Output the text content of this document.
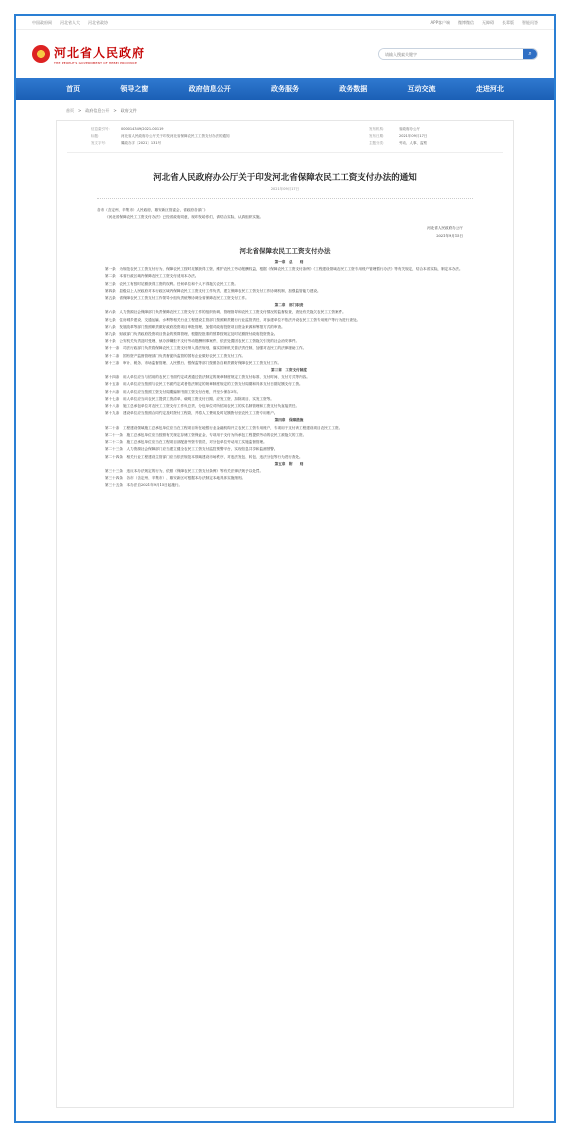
中国政府网 河北省人大 河北省政协	APP客户端 微博微信 无障碍 长辈版 智能问答
河北省人民政府
THE PEOPLE'S GOVERNMENT OF HEBEI PROVINCE
请输入搜索关键字
⌕
首页	领导之窗	政府信息公开	政务服务	政务数据	互动交流	走进河北
首页 > 政府信息公开 > 政府文件
信息索引号：	000014349/2021-00119	发布机构：	省政府办公厅
标题：	河北省人民政府办公厅关于印发河北省保障农民工工资支付办法的通知	发布日期：	2021年09月17日
发文字号：	冀政办字〔2021〕131号	主题分类：	劳动、人事、监察
河北省人民政府办公厅关于印发河北省保障农民工工资支付办法的通知
2021年09月17日

各市（含定州、辛集市）人民政府，雄安新区管委会，省政府各部门：

《河北省保障农民工工资支付办法》已经省政府同意，现印发给你们，请结合实际，认真组织实施。

河北省人民政府办公厅

2021年9月15日

河北省保障农民工工资支付办法

第一章　总　　则

第一条　为规范农民工工资支付行为，保障农民工按时足额获得工资，维护农民工劳动报酬权益，根据《保障农民工工资支付条例》《工程建设领域农民工工资专用账户管理暂行办法》等有关规定，结合本省实际，制定本办法。

第二条　本省行政区域内保障农民工工资支付适用本办法。

第三条　农民工有按时足额获得工资的权利。任何单位和个人不得拖欠农民工工资。

第四条　县级以上人民政府对本行政区域内保障农民工工资支付工作负责，建立保障农民工工资支付工作协调机制，加强监管能力建设。

第五条　省保障农民工工资支付工作领导小组负责统筹协调全省保障农民工工资支付工作。

第二章　部门职责

第六条　人力资源社会保障部门负责保障农民工工资支付工作的组织协调、管理指导和农民工工资支付情况的监督检查，查处有关拖欠农民工工资案件。

第七条　住房城乡建设、交通运输、水利等相关行业工程建设主管部门按照职责履行行业监管责任，对参建单位不依法开设农民工工资专用账户等行为进行查处。

第八条　发展改革等部门按照职责做好政府投资项目审批管理，加强对政府投资项目资金来源和筹措方式的审查。

第九条　财政部门负责政府投资项目资金的预算管理，根据经批准的预算按规定及时足额拨付政府投资资金。

第十条　公安机关负责及时受理、侦办涉嫌拒不支付劳动报酬刑事案件，依法处置因农民工工资拖欠引发的社会治安事件。

第十一条　司法行政部门负责将保障农民工工资支付纳入普法规划，落实国家机关普法责任制，加强对农民工的法律援助工作。

第十二条　国有资产监督管理部门负责督促所监管的国有企业做好农民工工资支付工作。

第十三条　审计、税务、市场监督管理、人民银行、银保监等部门按照各自职责做好保障农民工工资支付工作。

第三章　工资支付制度

第十四条　用人单位应当与招用的农民工书面约定或者通过依法制定的规章制度规定工资支付标准、支付时间、支付方式等内容。

第十五条　用人单位应当按照与农民工书面约定或者依法制定的规章制度规定的工资支付周期和具体支付日期足额支付工资。

第十六条　用人单位应当按照工资支付周期编制书面工资支付台账，并至少保存3年。

第十七条　用人单位应当向农民工提供工资清单，载明工资支付日期、应发工资、扣除项目、实发工资等。

第十八条　施工总承包单位对农民工工资支付工作负总责，分包单位对所招用农民工的实名制管理和工资支付负直接责任。

第十九条　建设单位应当按照合同约定及时拨付工程款，并将人工费用及时足额拨付至农民工工资专用账户。

第四章　保障措施

第二十条　工程建设领域施工总承包单位应当在工程项目所在地银行业金融机构开立农民工工资专用账户，专项用于支付该工程建设项目农民工工资。

第二十一条　施工总承包单位应当按照有关规定存储工资保证金，专项用于支付为所承包工程提供劳动的农民工被拖欠的工资。

第二十二条　施工总承包单位应当在工程项目部配备劳资专管员，对分包单位劳动用工实施监督管理。

第二十三条　人力资源社会保障部门应当建立健全农民工工资支付监控预警平台，实现信息共享和监测预警。

第二十四条　相关行业工程建设主管部门应当依法规范本领域建设市场秩序，对违法发包、转包、违法分包等行为进行查处。

第五章　附　　则

第三十三条　违反本办法规定的行为，依照《保障农民工工资支付条例》等有关法律法规予以处罚。

第三十四条　各市（含定州、辛集市）、雄安新区可根据本办法制定本地具体实施细则。

第三十五条　本办法自2021年9月15日起施行。
